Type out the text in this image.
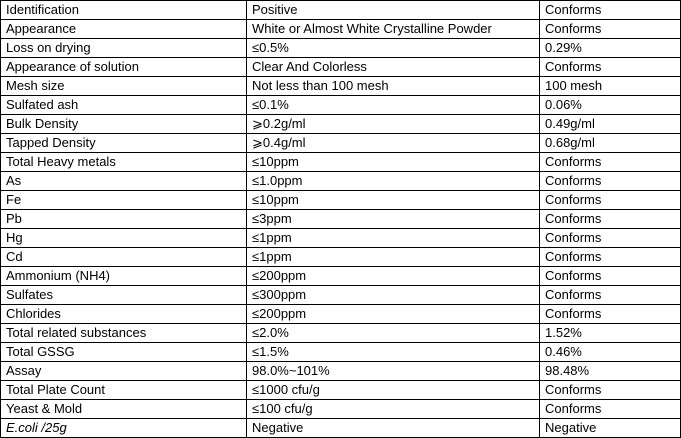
Identification	Positive	Conforms
Appearance	White or Almost White Crystalline Powder	Conforms
Loss on drying	≤0.5%	0.29%
Appearance of solution	Clear And Colorless	Conforms
Mesh size	Not less than 100 mesh	100 mesh
Sulfated ash	≤0.1%	0.06%
Bulk Density	⩾0.2g/ml	0.49g/ml
Tapped Density	⩾0.4g/ml	0.68g/ml
Total Heavy metals	≤10ppm	Conforms
As	≤1.0ppm	Conforms
Fe	≤10ppm	Conforms
Pb	≤3ppm	Conforms
Hg	≤1ppm	Conforms
Cd	≤1ppm	Conforms
Ammonium (NH4)	≤200ppm	Conforms
Sulfates	≤300ppm	Conforms
Chlorides	≤200ppm	Conforms
Total related substances	≤2.0%	1.52%
Total GSSG	≤1.5%	0.46%
Assay	98.0%~101%	98.48%
Total Plate Count	≤1000 cfu/g	Conforms
Yeast & Mold	≤100 cfu/g	Conforms
E.coli /25g	Negative	Negative
